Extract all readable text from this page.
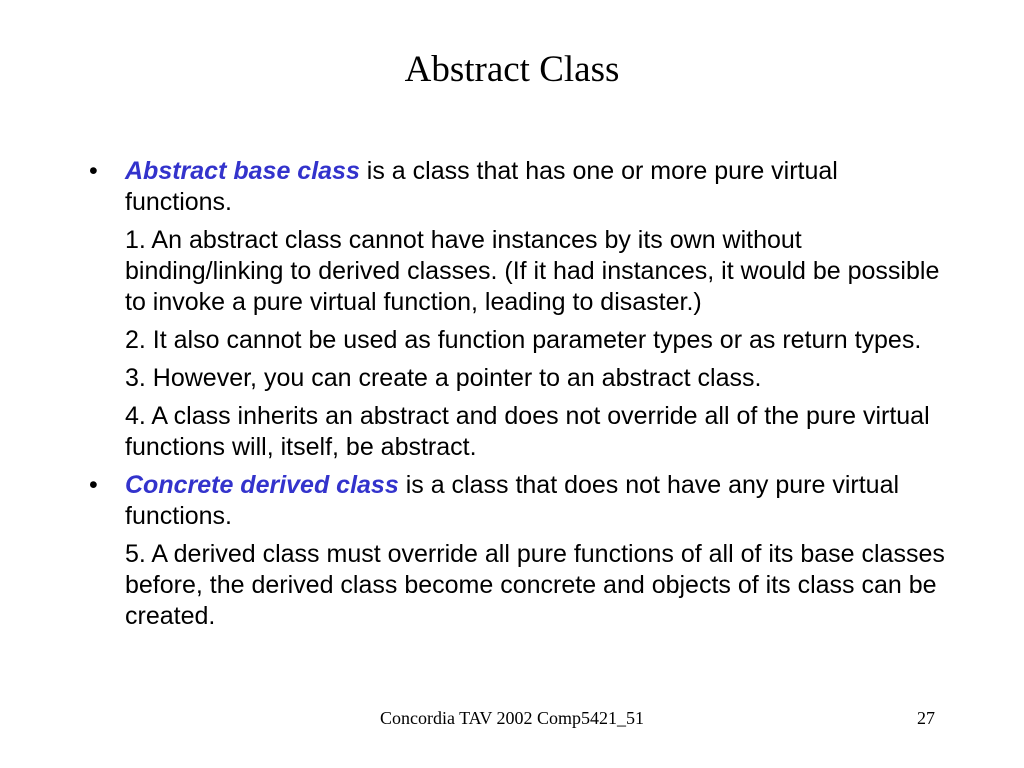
Abstract Class
• Abstract base class is a class that has one or more pure virtual functions.
1. An abstract class cannot have instances by its own without binding/linking to derived classes. (If it had instances, it would be possible to invoke a pure virtual function, leading to disaster.)
2. It also cannot be used as function parameter types or as return types.
3. However, you can create a pointer to an abstract class.
4. A class inherits an abstract and does not override all of the pure virtual functions will, itself, be abstract.
• Concrete derived class is a class that does not have any pure virtual functions.
5. A derived class must override all pure functions of all of its base classes before, the derived class become concrete and objects of its class can be created.
Concordia TAV 2002 Comp5421_51	27
